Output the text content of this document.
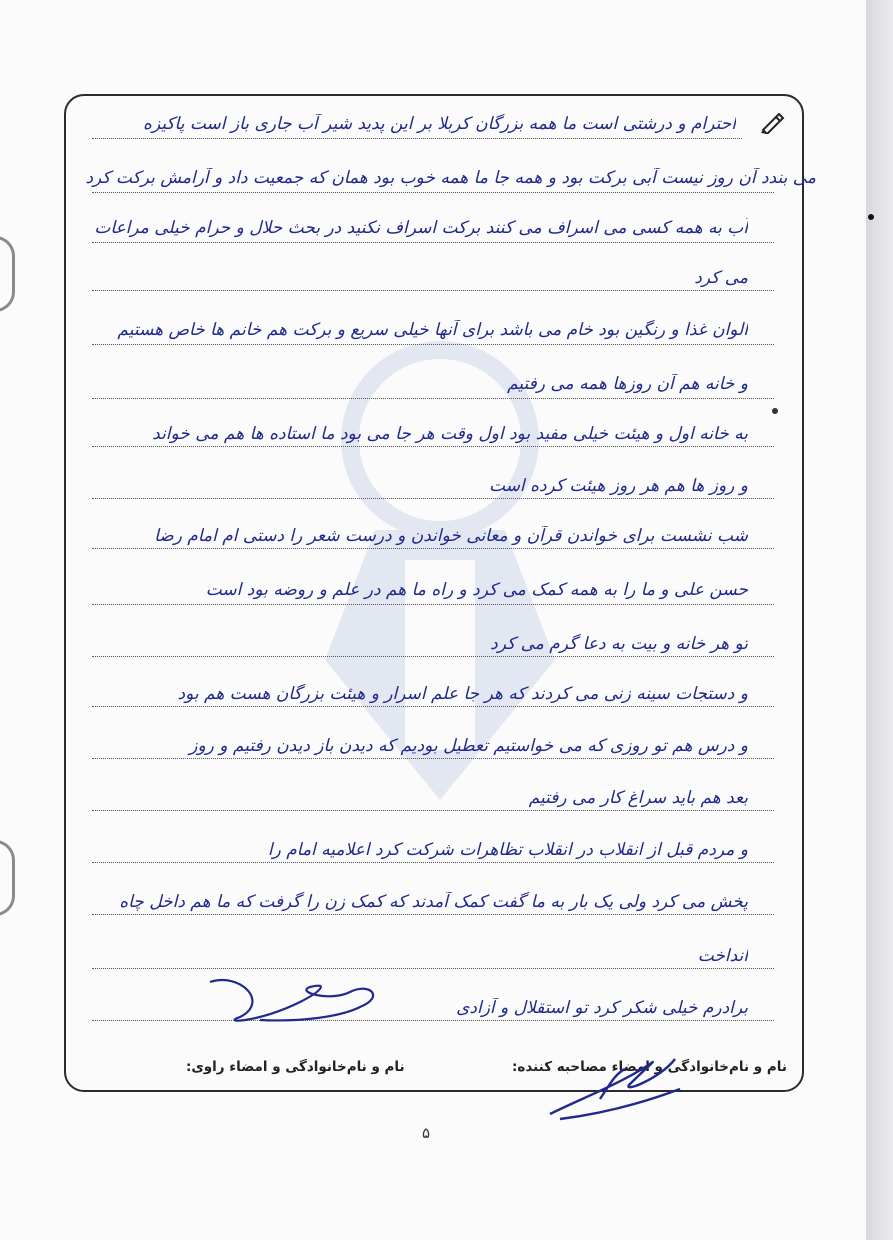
احترام و درشتی است ما همه بزرگان کربلا بر این پدید شیر آب جاری باز است پاکیزه
می بندد آن روز نیست آبی برکت بود و همه جا ما همه خوب بود همان که جمعیت داد و آرامش برکت کرد
آب به همه کسی می اسراف می کنند برکت اسراف نکنید در بحث حلال و حرام خیلی مراعات
می کرد
الوان غذا و رنگین بود خام می باشد برای آنها خیلی سریع و برکت هم خانم ها خاص هستیم
و خانه هم آن روزها همه می رفتیم
به خانه اول و هیئت خیلی مفید بود اول وقت هر جا می بود ما استاده ها هم می خواند
و روز ها هم هر روز هیئت کرده است
شب نشست برای خواندن قرآن و معانی خواندن و درست شعر را دستی ام امام رضا
حسن علی و ما را به همه کمک می کرد و راه ما هم در علم و روضه بود است
تو هر خانه و بیت به دعا گرم می کرد
و دستجات سینه زنی می کردند که هر جا علم اسرار و هیئت بزرگان هست هم بود
و درس هم تو روزی که می خواستیم تعطیل بودیم که دیدن باز دیدن رفتیم و روز
بعد هم باید سراغ کار می رفتیم
و مردم قبل از انقلاب در انقلاب تظاهرات شرکت کرد اعلامیه امام را
پخش می کرد ولی یک بار به ما گفت کمک آمدند که کمک زن را گرفت که ما هم داخل چاه
انداخت
برادرم خیلی شکر کرد تو استقلال و آزادی
نام و نام‌خانوادگی و امضاء مصاحبه کننده:
نام و نام‌خانوادگی و امضاء راوی:
۵
